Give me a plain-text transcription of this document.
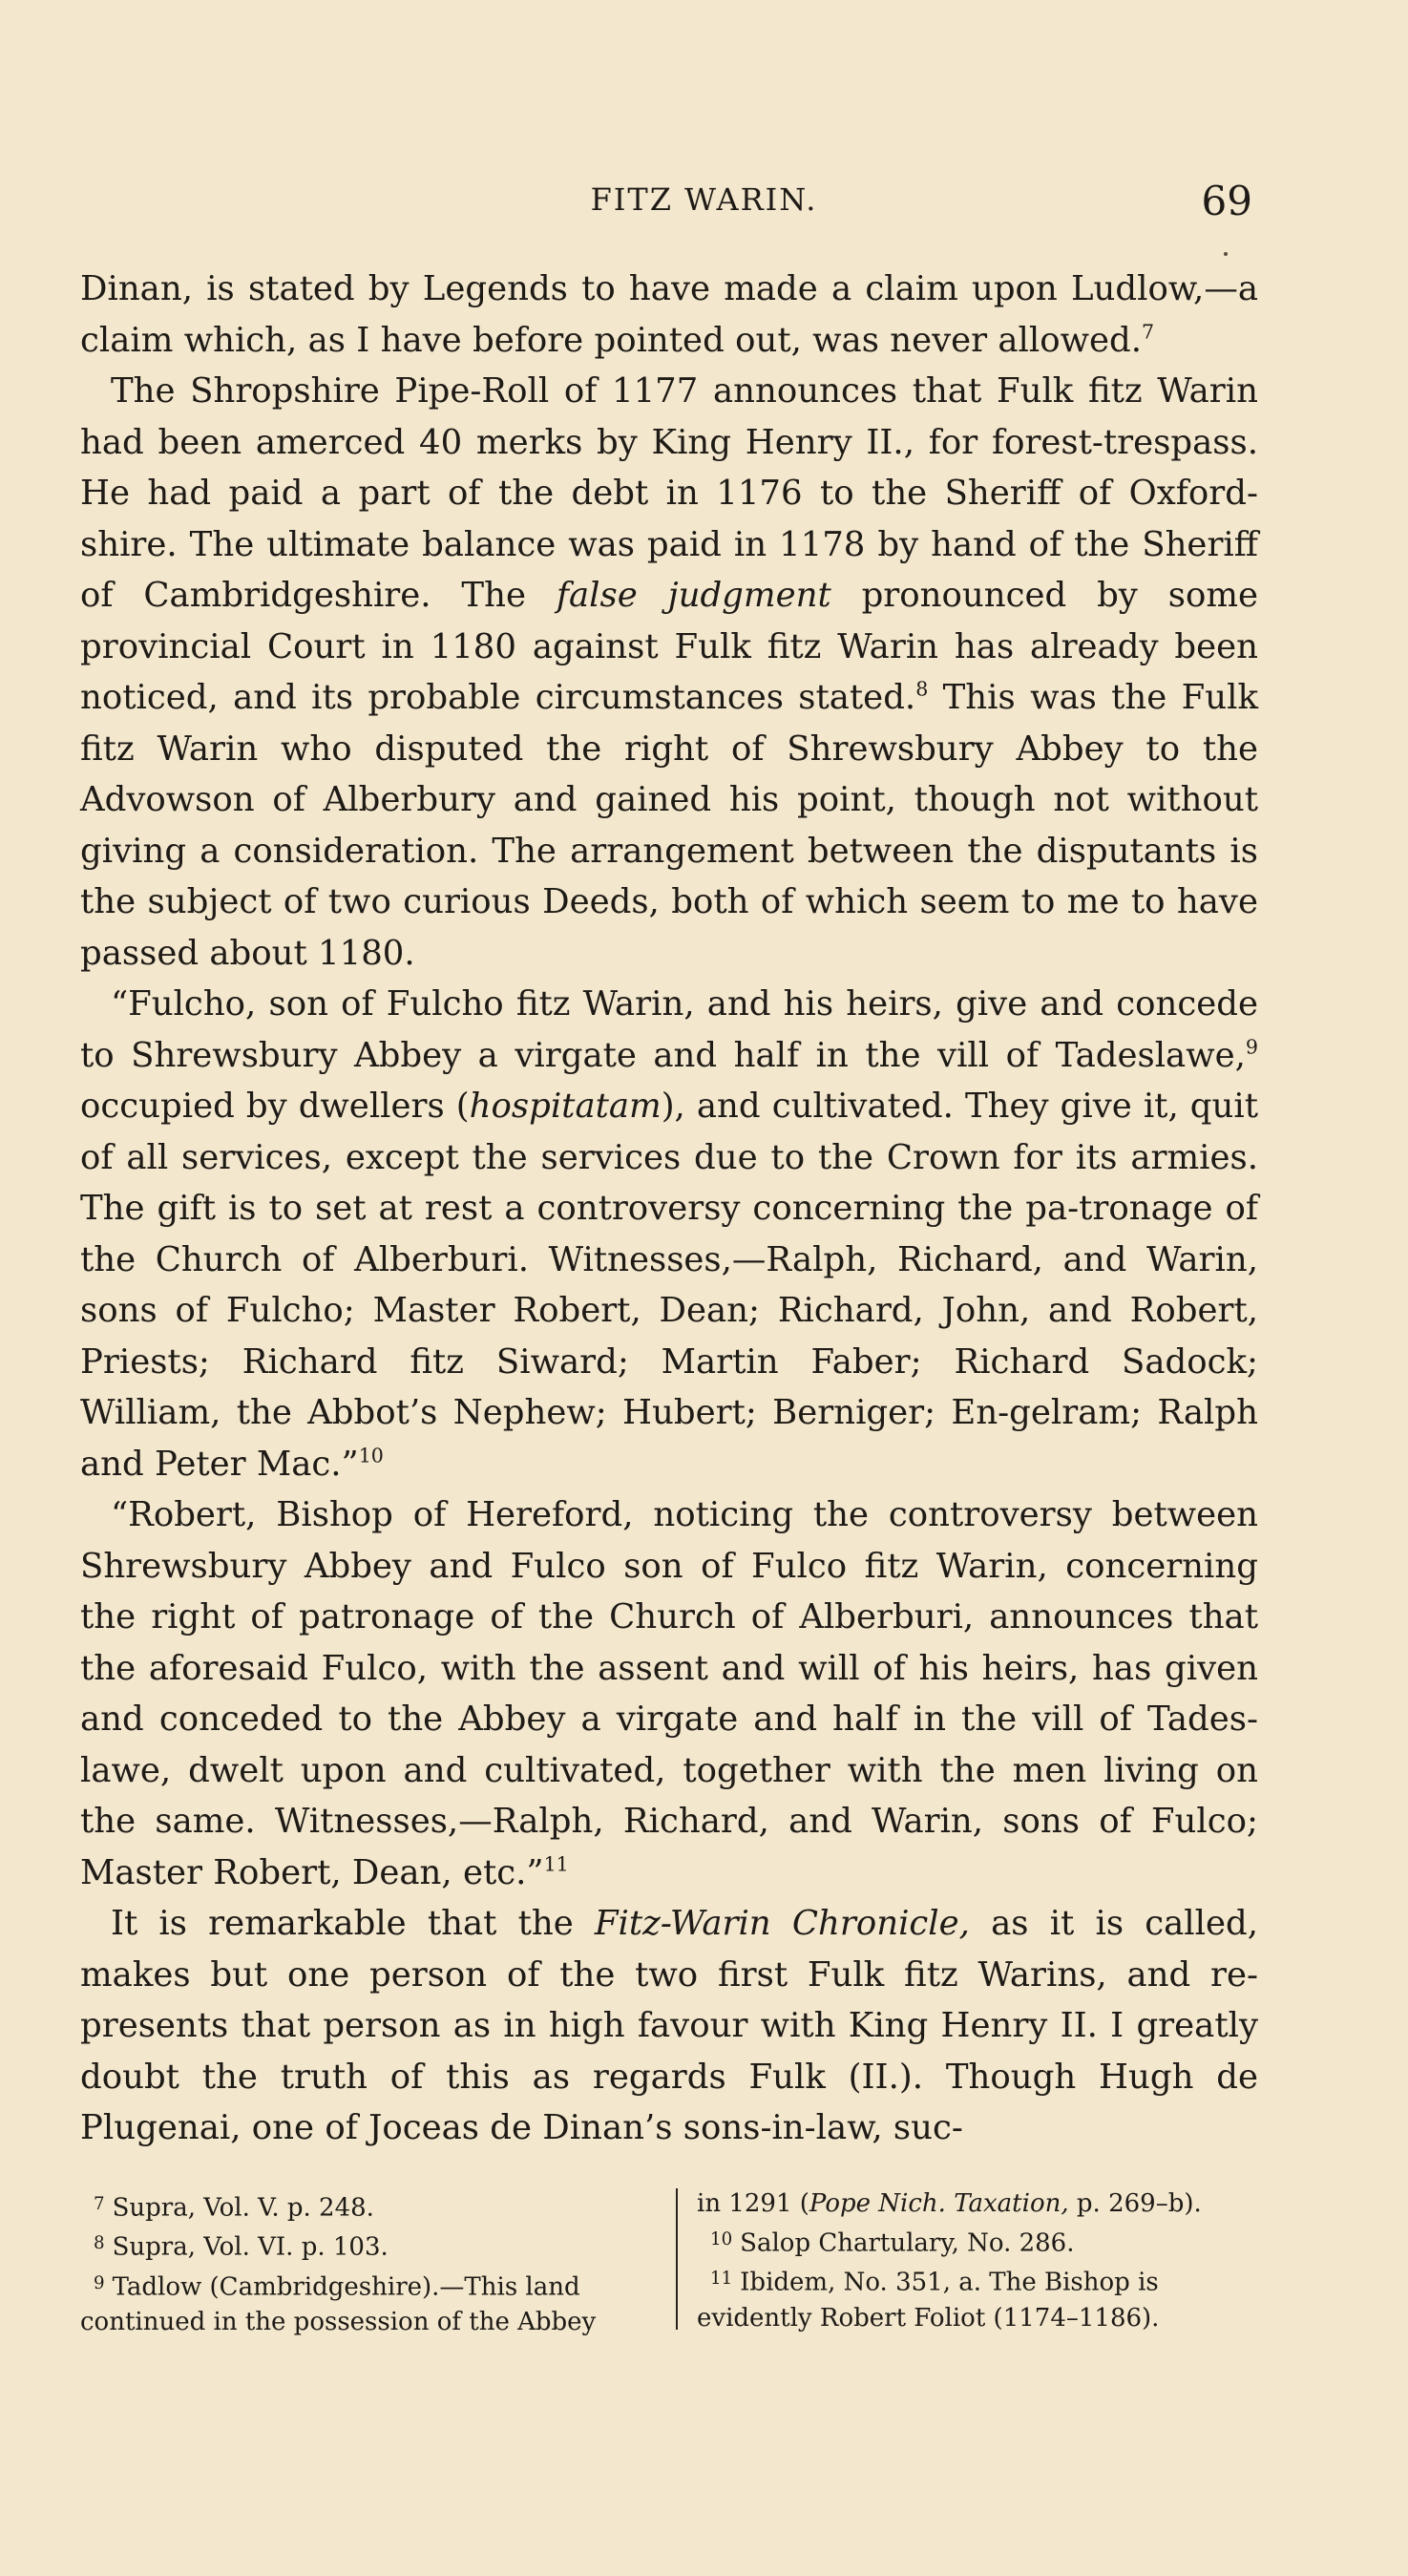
FITZ WARIN.	69

Dinan, is stated by Legends to have made a claim upon Ludlow,—a claim which, as I have before pointed out, was never allowed.$^7$

The Shropshire Pipe-Roll of 1177 announces that Fulk fitz Warin had been amerced 40 merks by King Henry II., for forest-trespass. He had paid a part of the debt in 1176 to the Sheriff of Oxford-shire. The ultimate balance was paid in 1178 by hand of the Sheriff of Cambridgeshire. The false judgment pronounced by some provincial Court in 1180 against Fulk fitz Warin has already been noticed, and its probable circumstances stated.$^8$ This was the Fulk fitz Warin who disputed the right of Shrewsbury Abbey to the Advowson of Alberbury and gained his point, though not without giving a consideration. The arrangement between the disputants is the subject of two curious Deeds, both of which seem to me to have passed about 1180.

“Fulcho, son of Fulcho fitz Warin, and his heirs, give and concede to Shrewsbury Abbey a virgate and half in the vill of Tadeslawe,$^9$ occupied by dwellers (hospitatam), and cultivated. They give it, quit of all services, except the services due to the Crown for its armies. The gift is to set at rest a controversy concerning the pa-tronage of the Church of Alberburi. Witnesses,—Ralph, Richard, and Warin, sons of Fulcho; Master Robert, Dean; Richard, John, and Robert, Priests; Richard fitz Siward; Martin Faber; Richard Sadock; William, the Abbot’s Nephew; Hubert; Berniger; En-gelram; Ralph and Peter Mac.”$^{10}$

“Robert, Bishop of Hereford, noticing the controversy between Shrewsbury Abbey and Fulco son of Fulco fitz Warin, concerning the right of patronage of the Church of Alberburi, announces that the aforesaid Fulco, with the assent and will of his heirs, has given and conceded to the Abbey a virgate and half in the vill of Tades-lawe, dwelt upon and cultivated, together with the men living on the same. Witnesses,—Ralph, Richard, and Warin, sons of Fulco; Master Robert, Dean, etc.”$^{11}$

It is remarkable that the Fitz-Warin Chronicle, as it is called, makes but one person of the two first Fulk fitz Warins, and re-presents that person as in high favour with King Henry II. I greatly doubt the truth of this as regards Fulk (II.). Though Hugh de Plugenai, one of Joceas de Dinan’s sons-in-law, suc-

$^7$ Supra, Vol. V. p. 248.

$^8$ Supra, Vol. VI. p. 103.

$^9$ Tadlow (Cambridgeshire).—This land

continued in the possession of the Abbey

in 1291 (Pope Nich. Taxation, p. 269–b).

$^{10}$ Salop Chartulary, No. 286.

$^{11}$ Ibidem, No. 351, a. The Bishop is

evidently Robert Foliot (1174–1186).
